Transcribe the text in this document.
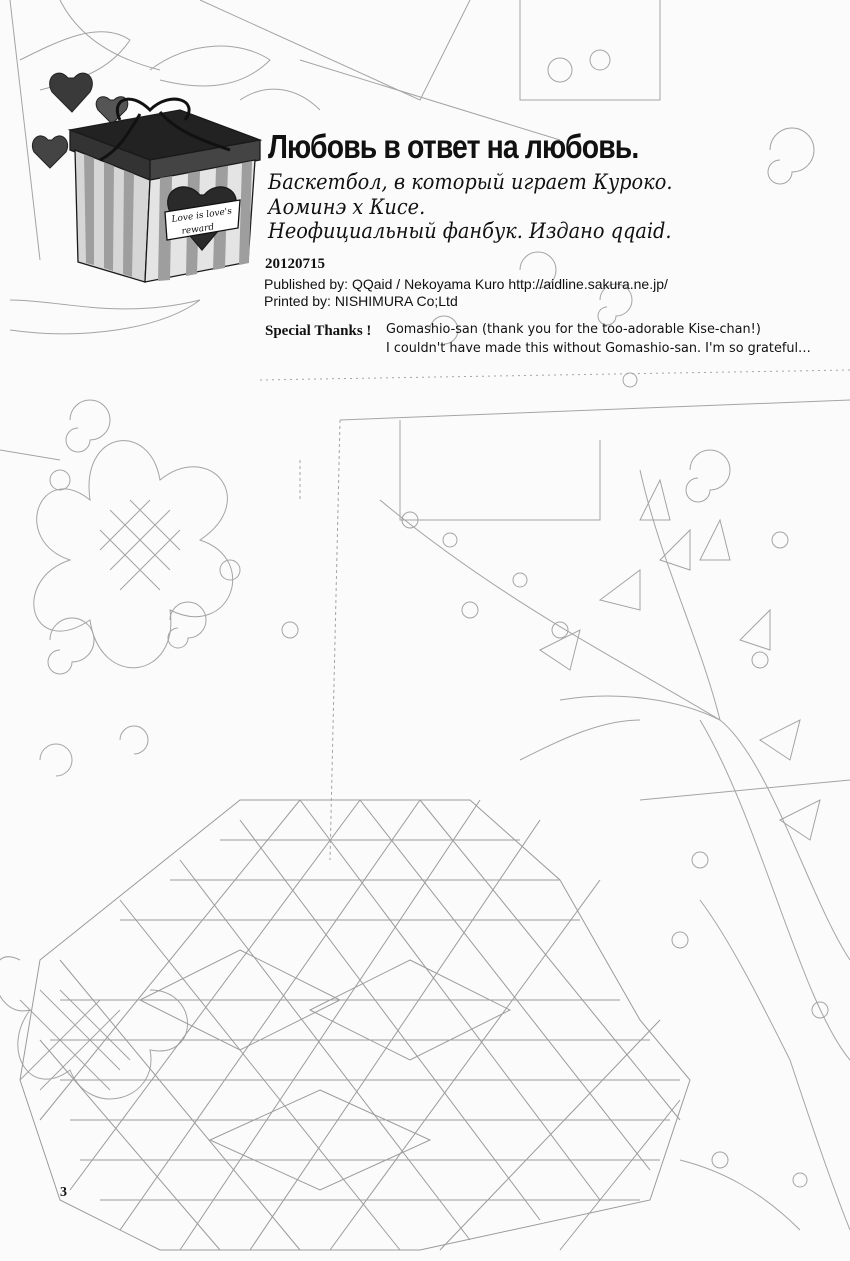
Love is love's
reward
Любовь в ответ на любовь.
Баскетбол, в который играет Куроко.
Аоминэ х Кисе.
Неофициальный фанбук. Издано qqaid.
20120715
Published by: QQaid / Nekoyama Kuro http://aidline.sakura.ne.jp/
Printed by: NISHIMURA Co;Ltd
Special Thanks ! Gomashio-san (thank you for the too-adorable Kise-chan!)
I couldn't have made this without Gomashio-san. I'm so grateful…
3
